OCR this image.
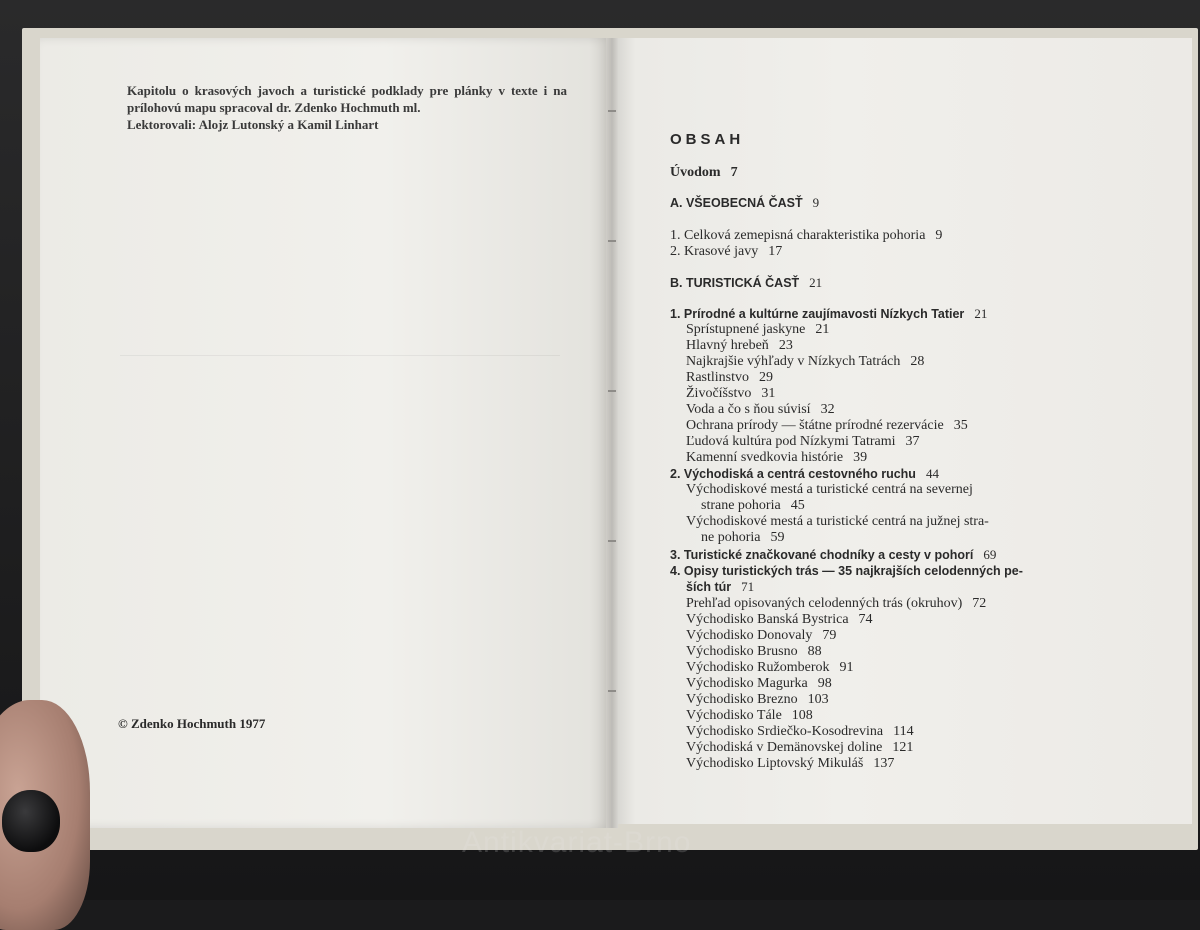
Kapitolu o krasových javoch a turistické podklady pre plánky v texte i na prílohovú mapu spracoval dr. Zdenko Hochmuth ml.

Lektorovali: Alojz Lutonský a Kamil Linhart

© Zdenko Hochmuth 1977
OBSAH
Úvodom 7
A. VŠEOBECNÁ ČASŤ 9
1. Celková zemepisná charakteristika pohoria 9
2. Krasové javy 17
B. TURISTICKÁ ČASŤ 21
1. Prírodné a kultúrne zaujímavosti Nízkych Tatier 21
Sprístupnené jaskyne 21
Hlavný hrebeň 23
Najkrajšie výhľady v Nízkych Tatrách 28
Rastlinstvo 29
Živočíšstvo 31
Voda a čo s ňou súvisí 32
Ochrana prírody — štátne prírodné rezervácie 35
Ľudová kultúra pod Nízkymi Tatrami 37
Kamenní svedkovia histórie 39
2. Východiská a centrá cestovného ruchu 44
Východiskové mestá a turistické centrá na severnej
strane pohoria 45
Východiskové mestá a turistické centrá na južnej stra-
ne pohoria 59
3. Turistické značkované chodníky a cesty v pohorí 69
4. Opisy turistických trás — 35 najkrajších celodenných pe-
ších túr 71
Prehľad opisovaných celodenných trás (okruhov) 72
Východisko Banská Bystrica 74
Východisko Donovaly 79
Východisko Brusno 88
Východisko Ružomberok 91
Východisko Magurka 98
Východisko Brezno 103
Východisko Tále 108
Východisko Srdiečko-Kosodrevina 114
Východiská v Demänovskej doline 121
Východisko Liptovský Mikuláš 137
Antikvariat-Brno
